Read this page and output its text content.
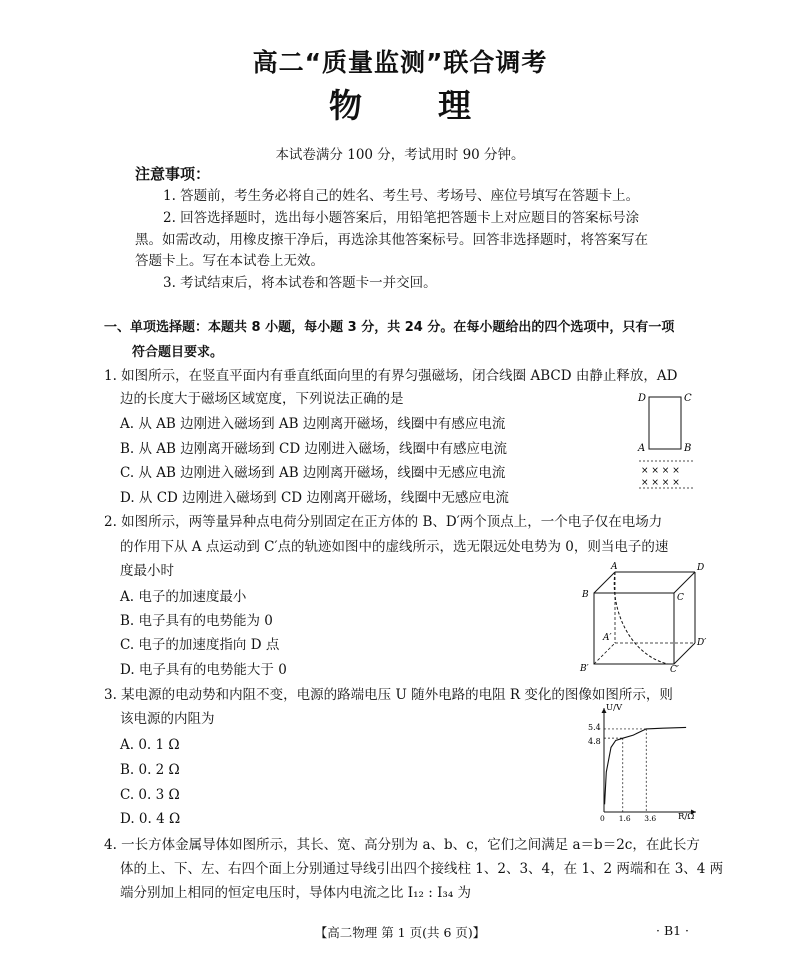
高二“质量监测”联合调考
物 理
本试卷满分 100 分，考试用时 90 分钟。
注意事项：
1. 答题前，考生务必将自己的姓名、考生号、考场号、座位号填写在答题卡上。
2. 回答选择题时，选出每小题答案后，用铅笔把答题卡上对应题目的答案标号涂
黑。如需改动，用橡皮擦干净后，再选涂其他答案标号。回答非选择题时，将答案写在
答题卡上。写在本试卷上无效。
3. 考试结束后，将本试卷和答题卡一并交回。
一、单项选择题：本题共 8 小题，每小题 3 分，共 24 分。在每小题给出的四个选项中，只有一项
符合题目要求。
1. 如图所示，在竖直平面内有垂直纸面向里的有界匀强磁场，闭合线圈 ABCD 由静止释放，AD
边的长度大于磁场区域宽度，下列说法正确的是
A. 从 AB 边刚进入磁场到 AB 边刚离开磁场，线圈中有感应电流
B. 从 AB 边刚离开磁场到 CD 边刚进入磁场，线圈中有感应电流
C. 从 AB 边刚进入磁场到 AB 边刚离开磁场，线圈中无感应电流
D. 从 CD 边刚进入磁场到 CD 边刚离开磁场，线圈中无感应电流
D	C
A	B
× × × ×
× × × ×
2. 如图所示，两等量异种点电荷分别固定在正方体的 B、D′两个顶点上，一个电子仅在电场力
的作用下从 A 点运动到 C′点的轨迹如图中的虚线所示，选无限远处电势为 0，则当电子的速
度最小时
A. 电子的加速度最小
B. 电子具有的电势能为 0
C. 电子的加速度指向 D 点
D. 电子具有的电势能大于 0
A	D
B	C
A′	D′
B′	C′
3. 某电源的电动势和内阻不变，电源的路端电压 U 随外电路的电阻 R 变化的图像如图所示，则
该电源的内阻为
A. 0. 1 Ω
B. 0. 2 Ω
C. 0. 3 Ω
D. 0. 4 Ω
U/V
R/Ω
5.4
4.8
0 1.6 3.6
4. 一长方体金属导体如图所示，其长、宽、高分别为 a、b、c，它们之间满足 a＝b＝2c，在此长方
体的上、下、左、右四个面上分别通过导线引出四个接线柱 1、2、3、4，在 1、2 两端和在 3、4 两
端分别加上相同的恒定电压时，导体内电流之比 I₁₂ : I₃₄ 为
【高二物理 第 1 页(共 6 页)】	· B1 ·
